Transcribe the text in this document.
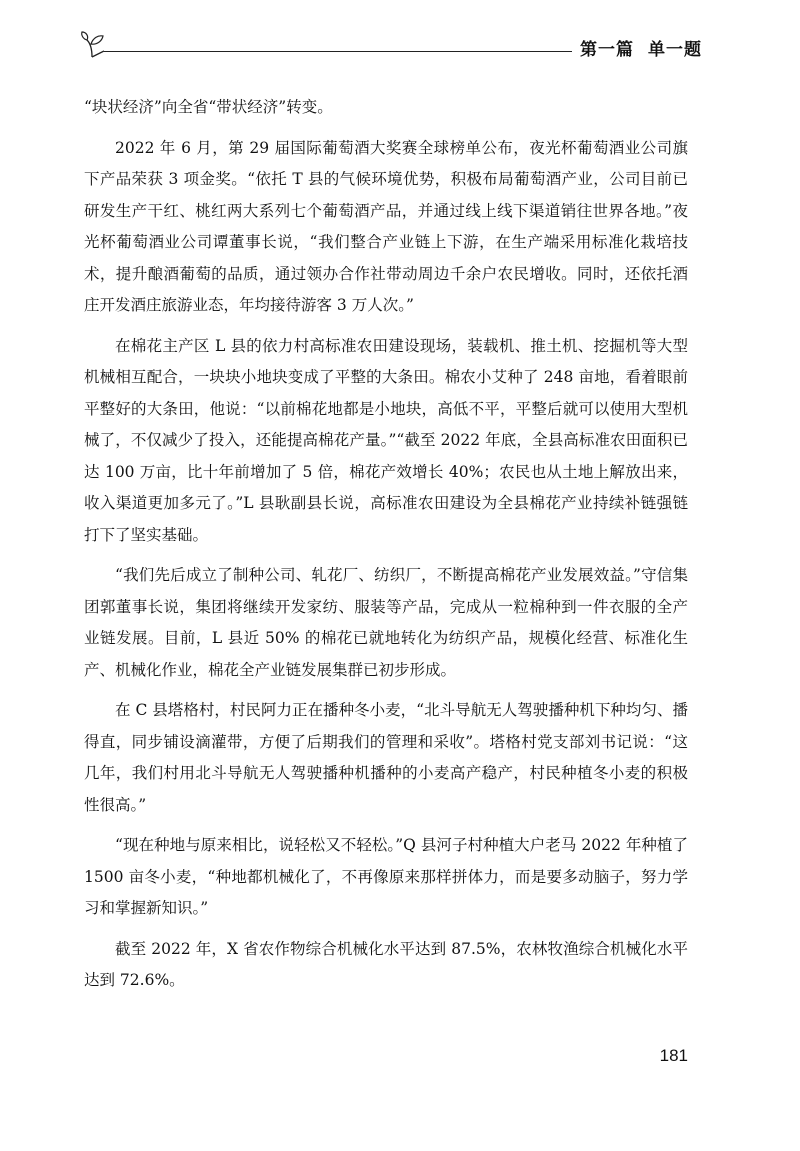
第一篇 单一题

“块状经济”向全省“带状经济”转变。

2022 年 6 月，第 29 届国际葡萄酒大奖赛全球榜单公布，夜光杯葡萄酒业公司旗下产品荣获 3 项金奖。“依托 T 县的气候环境优势，积极布局葡萄酒产业，公司目前已研发生产干红、桃红两大系列七个葡萄酒产品，并通过线上线下渠道销往世界各地。”夜光杯葡萄酒业公司谭董事长说，“我们整合产业链上下游，在生产端采用标准化栽培技术，提升酿酒葡萄的品质，通过领办合作社带动周边千余户农民增收。同时，还依托酒庄开发酒庄旅游业态，年均接待游客 3 万人次。”

在棉花主产区 L 县的依力村高标准农田建设现场，装载机、推土机、挖掘机等大型机械相互配合，一块块小地块变成了平整的大条田。棉农小艾种了 248 亩地，看着眼前平整好的大条田，他说：“以前棉花地都是小地块，高低不平，平整后就可以使用大型机械了，不仅减少了投入，还能提高棉花产量。”“截至 2022 年底，全县高标准农田面积已达 100 万亩，比十年前增加了 5 倍，棉花产效增长 40%；农民也从土地上解放出来，收入渠道更加多元了。”L 县耿副县长说，高标准农田建设为全县棉花产业持续补链强链打下了坚实基础。

“我们先后成立了制种公司、轧花厂、纺织厂，不断提高棉花产业发展效益。”守信集团郭董事长说，集团将继续开发家纺、服装等产品，完成从一粒棉种到一件衣服的全产业链发展。目前，L 县近 50% 的棉花已就地转化为纺织产品，规模化经营、标准化生产、机械化作业，棉花全产业链发展集群已初步形成。

在 C 县塔格村，村民阿力正在播种冬小麦，“北斗导航无人驾驶播种机下种均匀、播得直，同步铺设滴灌带，方便了后期我们的管理和采收”。塔格村党支部刘书记说：“这几年，我们村用北斗导航无人驾驶播种机播种的小麦高产稳产，村民种植冬小麦的积极性很高。”

“现在种地与原来相比，说轻松又不轻松。”Q 县河子村种植大户老马 2022 年种植了 1500 亩冬小麦，“种地都机械化了，不再像原来那样拼体力，而是要多动脑子，努力学习和掌握新知识。”

截至 2022 年，X 省农作物综合机械化水平达到 87.5%，农林牧渔综合机械化水平达到 72.6%。

181
